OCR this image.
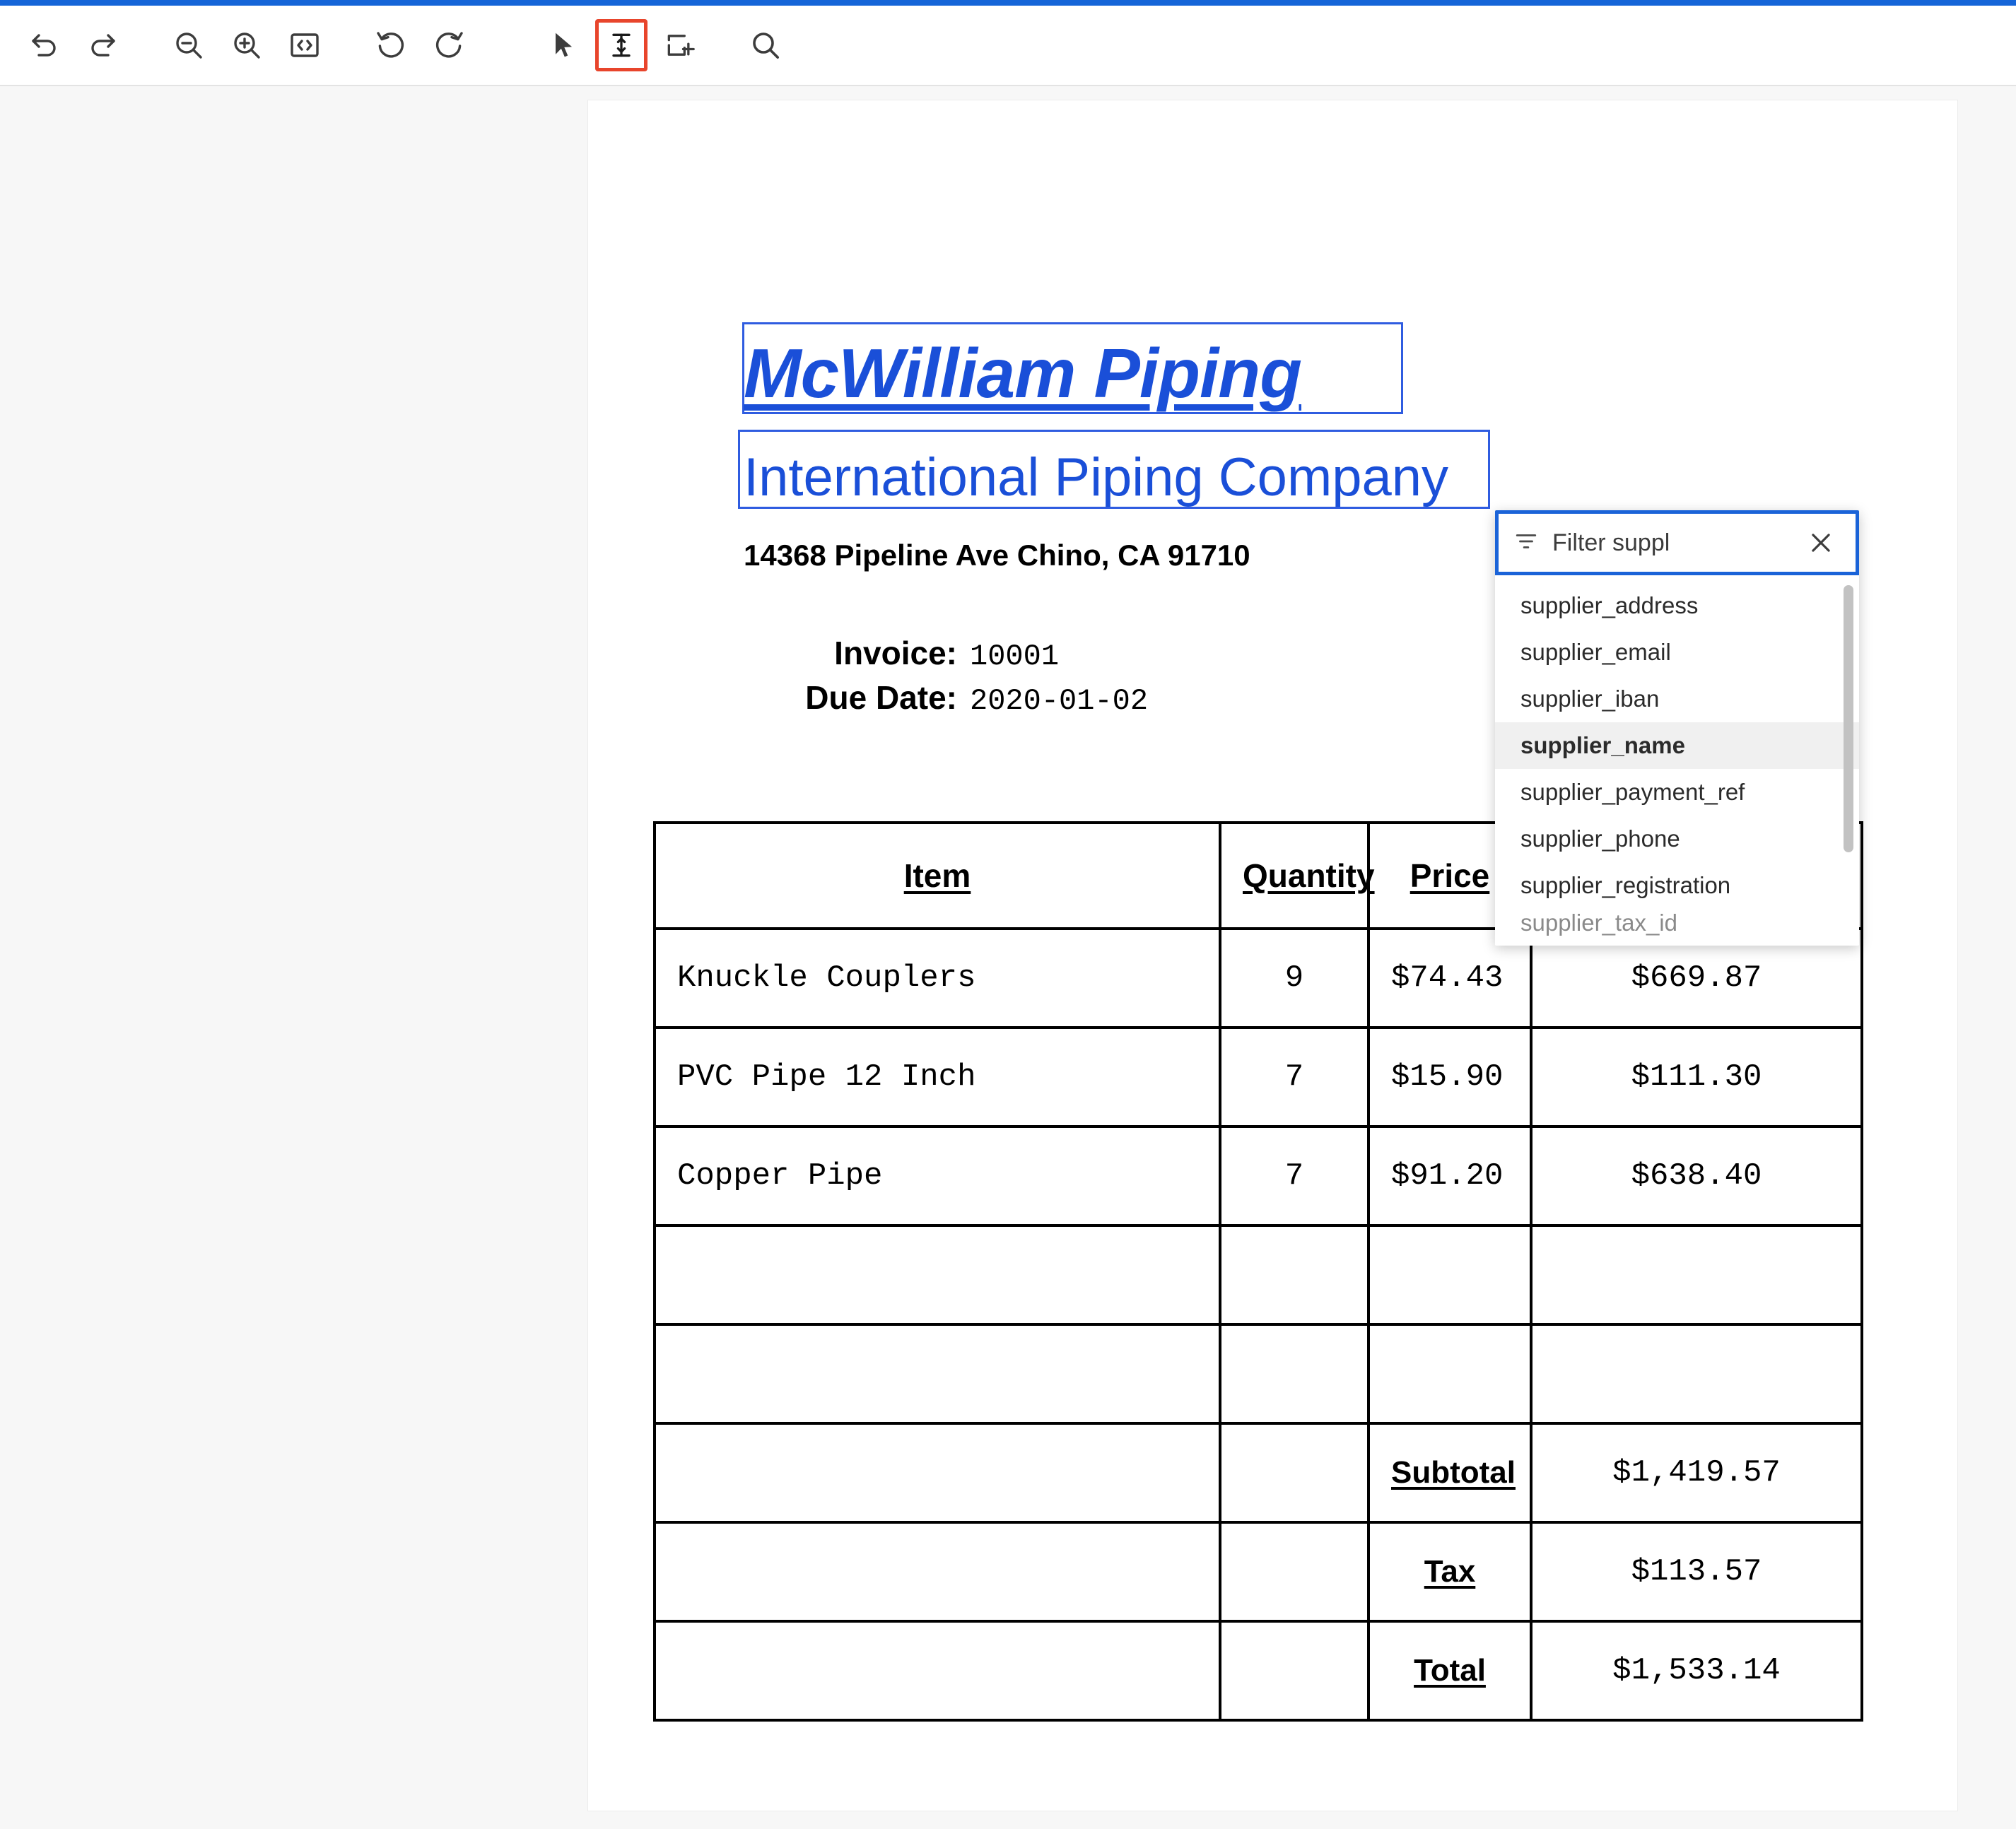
McWilliam Piping
International Piping Company
14368 Pipeline Ave Chino, CA 91710
Invoice: 10001
Due Date: 2020-01-02
Item	Quantity	Price	
Knuckle Couplers	9	$74.43	$669.87
PVC Pipe 12 Inch	7	$15.90	$111.30
Copper Pipe	7	$91.20	$638.40

		Subtotal	$1,419.57
		Tax	$113.57
		Total	$1,533.14
Filter suppl
supplier_address
supplier_email
supplier_iban
supplier_name
supplier_payment_ref
supplier_phone
supplier_registration
supplier_tax_id
